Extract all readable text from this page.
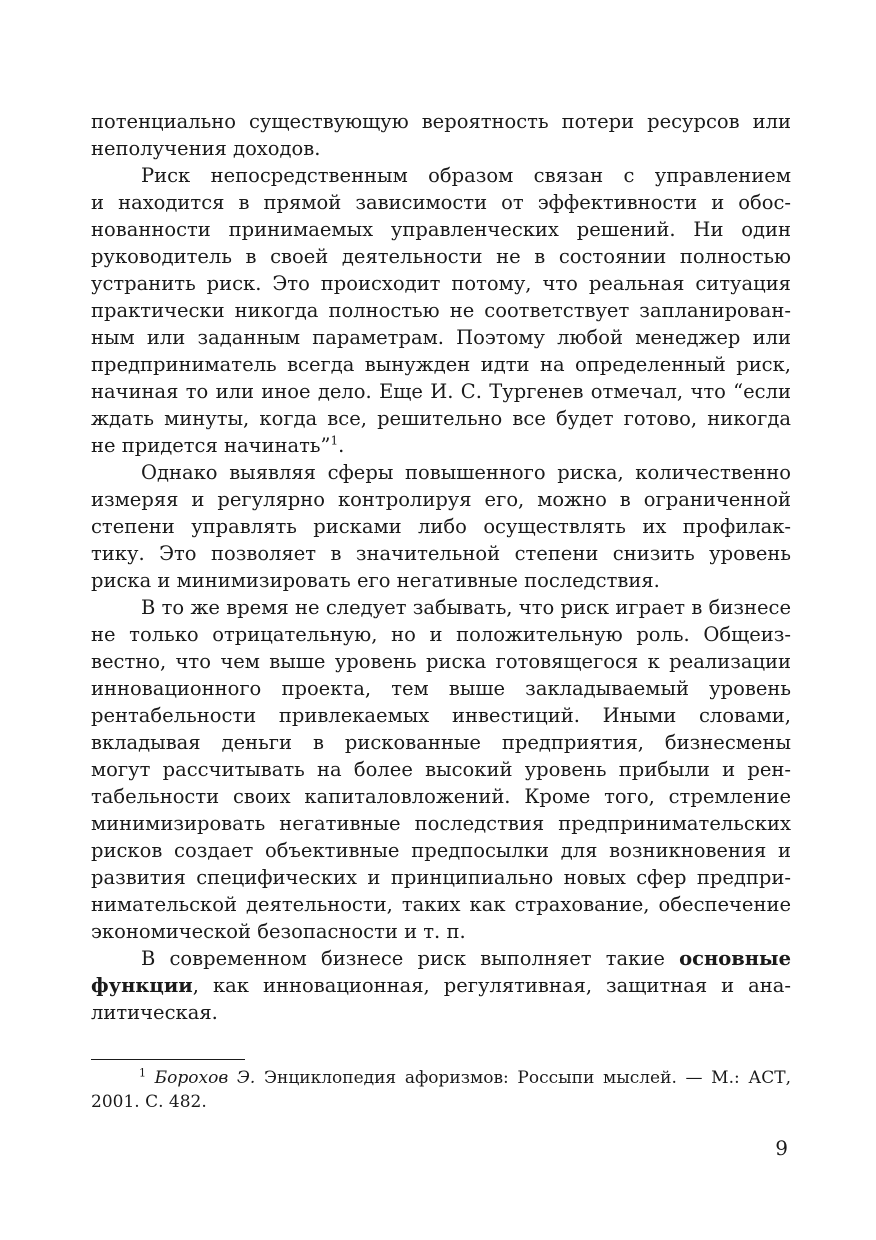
потенциально существующую вероятность потери ресурсов или
неполучения доходов.
Риск непосредственным образом связан с управлением
и находится в прямой зависимости от эффективности и обос-
нованности принимаемых управленческих решений. Ни один
руководитель в своей деятельности не в состоянии полностью
устранить риск. Это происходит потому, что реальная ситуация
практически никогда полностью не соответствует запланирован-
ным или заданным параметрам. Поэтому любой менеджер или
предприниматель всегда вынужден идти на определенный риск,
начиная то или иное дело. Еще И. С. Тургенев отмечал, что “если
ждать минуты, когда все, решительно все будет готово, никогда
не придется начинать”$^1$.
Однако выявляя сферы повышенного риска, количественно
измеряя и регулярно контролируя его, можно в ограниченной
степени управлять рисками либо осуществлять их профилак-
тику. Это позволяет в значительной степени снизить уровень
риска и минимизировать его негативные последствия.
В то же время не следует забывать, что риск играет в бизнесе
не только отрицательную, но и положительную роль. Общеиз-
вестно, что чем выше уровень риска готовящегося к реализации
инновационного проекта, тем выше закладываемый уровень
рентабельности привлекаемых инвестиций. Иными словами,
вкладывая деньги в рискованные предприятия, бизнесмены
могут рассчитывать на более высокий уровень прибыли и рен-
табельности своих капиталовложений. Кроме того, стремление
минимизировать негативные последствия предпринимательских
рисков создает объективные предпосылки для возникновения и
развития специфических и принципиально новых сфер предпри-
нимательской деятельности, таких как страхование, обеспечение
экономической безопасности и т. п.
В современном бизнесе риск выполняет такие основные
функции, как инновационная, регулятивная, защитная и ана-
литическая.
$^1$ Борохов Э. Энциклопедия афоризмов: Россыпи мыслей. — М.: АСТ,
2001. С. 482.
9
